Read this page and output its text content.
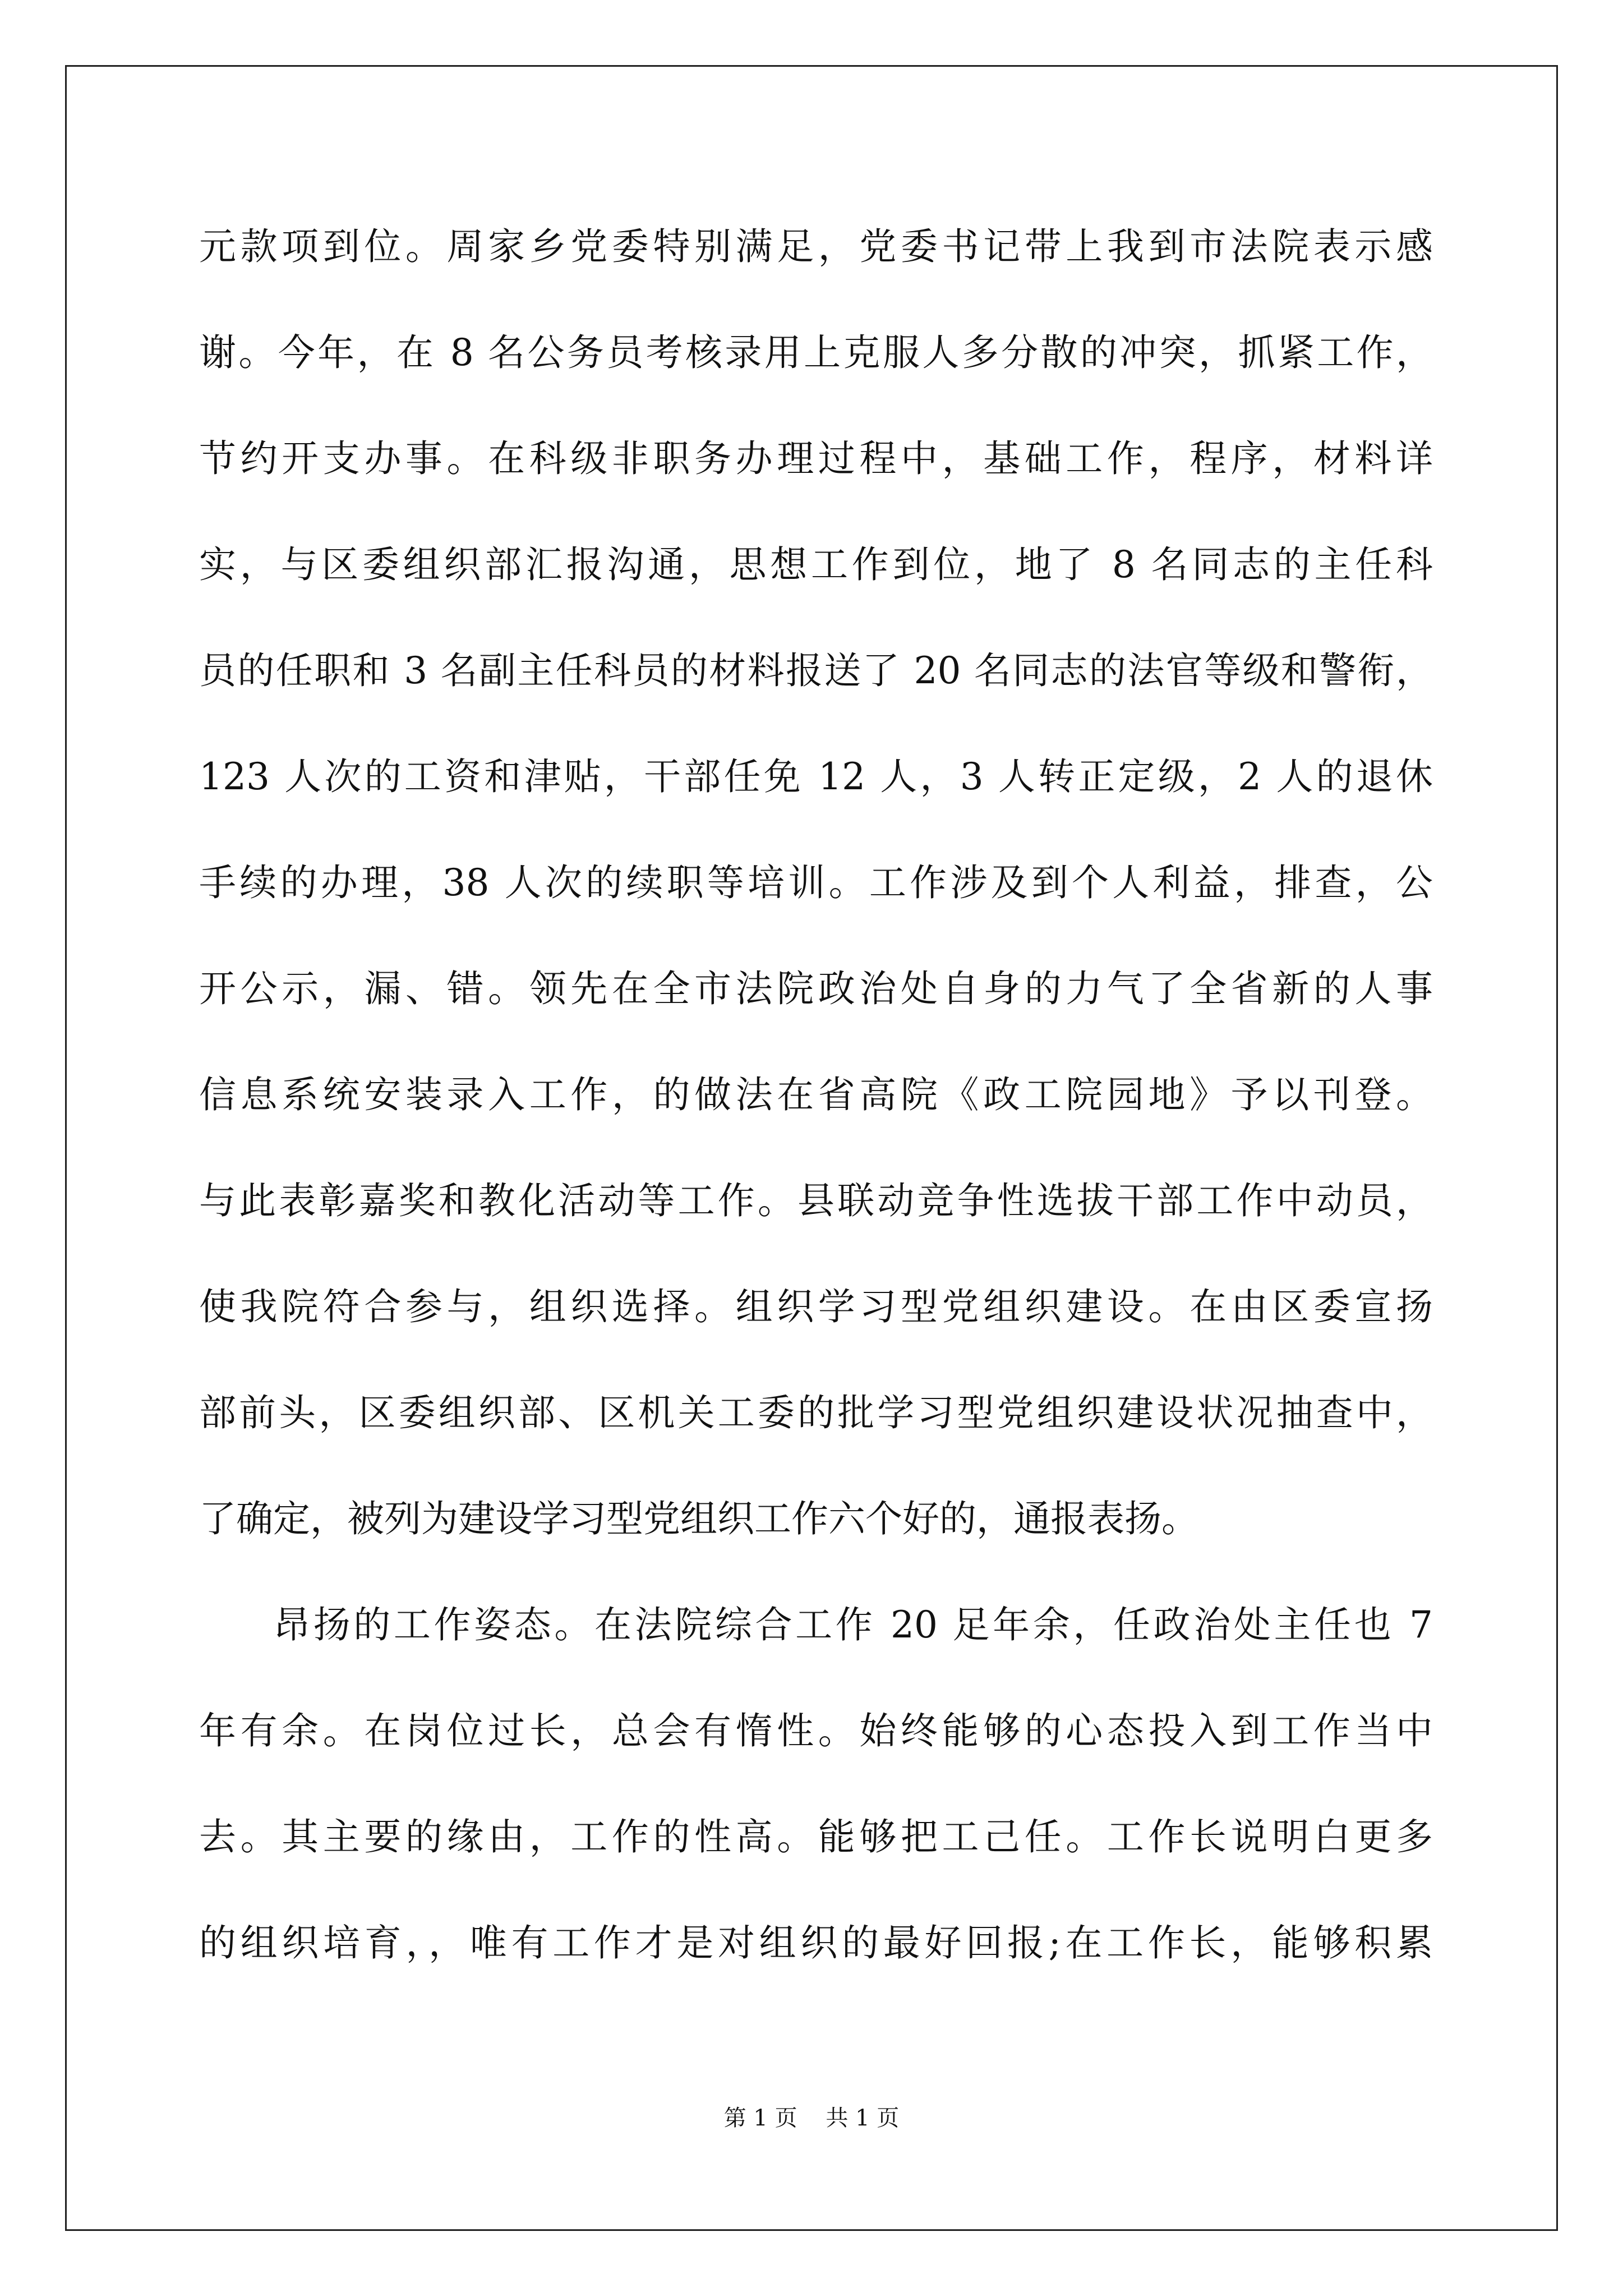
元款项到位。周家乡党委特别满足，党委书记带上我到市法院表示感
谢。今年，在 8 名公务员考核录用上克服人多分散的冲突，抓紧工作，
节约开支办事。在科级非职务办理过程中，基础工作，程序，材料详
实，与区委组织部汇报沟通，思想工作到位，地了 8 名同志的主任科
员的任职和 3 名副主任科员的材料报送了 20 名同志的法官等级和警衔，
123 人次的工资和津贴，干部任免 12 人，3 人转正定级，2 人的退休
手续的办理，38 人次的续职等培训。工作涉及到个人利益，排查，公
开公示，漏、错。领先在全市法院政治处自身的力气了全省新的人事
信息系统安装录入工作，的做法在省高院《政工院园地》予以刊登。
与此表彰嘉奖和教化活动等工作。县联动竞争性选拔干部工作中动员，
使我院符合参与，组织选择。组织学习型党组织建设。在由区委宣扬
部前头，区委组织部、区机关工委的批学习型党组织建设状况抽查中，
了确定，被列为建设学习型党组织工作六个好的，通报表扬。
昂扬的工作姿态。在法院综合工作 20 足年余，任政治处主任也 7
年有余。在岗位过长，总会有惰性。始终能够的心态投入到工作当中
去。其主要的缘由，工作的性高。能够把工己任。工作长说明白更多
的组织培育，，唯有工作才是对组织的最好回报;在工作长，能够积累
第 1 页    共 1 页
